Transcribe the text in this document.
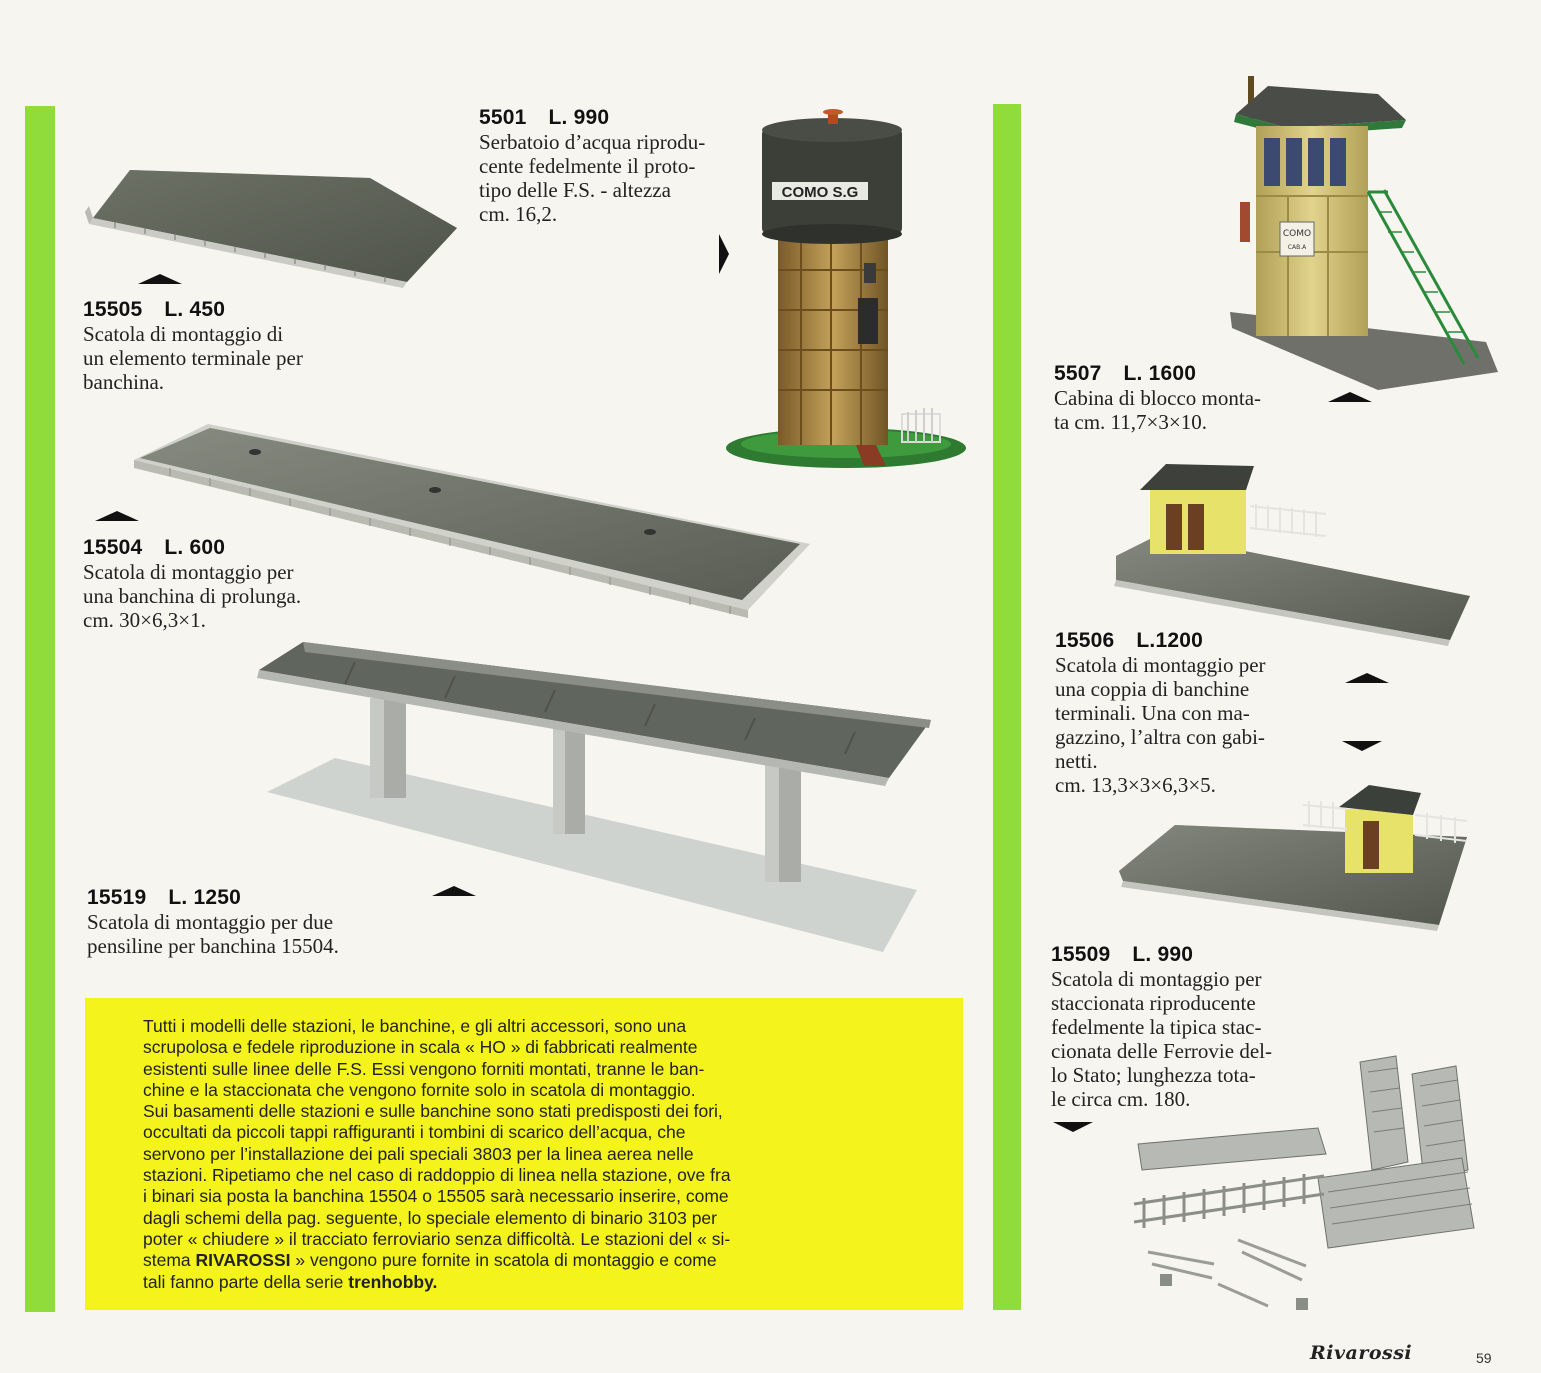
COMO S.G
COMO
CAB.A
15505 L. 450
Scatola di montaggio di
un elemento terminale per
banchina.
5501 L. 990
Serbatoio d’acqua riprodu-
cente fedelmente il proto-
tipo delle F.S. - altezza
cm. 16,2.
15504 L. 600
Scatola di montaggio per
una banchina di prolunga.
cm. 30×6,3×1.
15519 L. 1250
Scatola di montaggio per due
pensiline per banchina 15504.
5507 L. 1600
Cabina di blocco monta-
ta cm. 11,7×3×10.
15506 L.1200
Scatola di montaggio per
una coppia di banchine
terminali. Una con ma-
gazzino, l’altra con gabi-
netti.
cm. 13,3×3×6,3×5.
15509 L. 990
Scatola di montaggio per
staccionata riproducente
fedelmente la tipica stac-
cionata delle Ferrovie del-
lo Stato; lunghezza tota-
le circa cm. 180.
Tutti i modelli delle stazioni, le banchine, e gli altri accessori, sono una
scrupolosa e fedele riproduzione in scala « HO » di fabbricati realmente
esistenti sulle linee delle F.S. Essi vengono forniti montati, tranne le ban-
chine e la staccionata che vengono fornite solo in scatola di montaggio.
Sui basamenti delle stazioni e sulle banchine sono stati predisposti dei fori,
occultati da piccoli tappi raffiguranti i tombini di scarico dell’acqua, che
servono per l’installazione dei pali speciali 3803 per la linea aerea nelle
stazioni. Ripetiamo che nel caso di raddoppio di linea nella stazione, ove fra
i binari sia posta la banchina 15504 o 15505 sarà necessario inserire, come
dagli schemi della pag. seguente, lo speciale elemento di binario 3103 per
poter « chiudere » il tracciato ferroviario senza difficoltà. Le stazioni del « si-
stema RIVAROSSI » vengono pure fornite in scatola di montaggio e come
tali fanno parte della serie trenhobby.
Rivarossi	59
